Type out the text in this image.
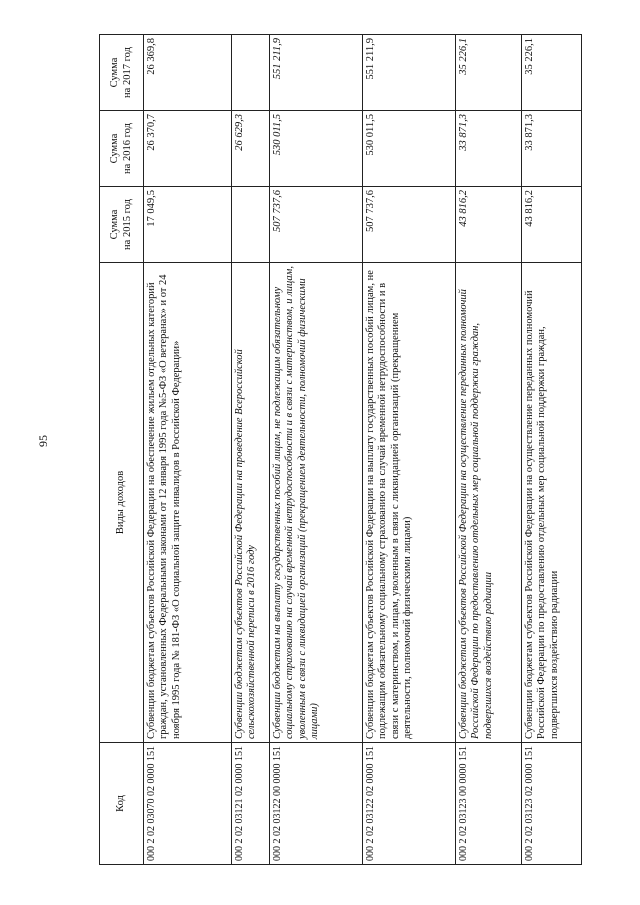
95
Код	Виды доходов	Сумма на 2015 год	Сумма на 2016 год	Сумма на 2017 год

000 2 02 03070 02 0000 151	Субвенции бюджетам субъектов Российской Федерации на обеспечение жильем отдельных категорий граждан, установленных Федеральными законами от 12 января 1995 года №5-ФЗ «О ветеранах» и от 24 ноября 1995 года № 181-ФЗ «О социальной защите инвалидов в Российской Федерации»	17 049,5	26 370,7	26 369,8
000 2 02 03121 02 0000 151	Субвенции бюджетам субъектов Российской Федерации на проведение Всероссийской сельскохозяйственной переписи в 2016 году		26 629,3	
000 2 02 03122 00 0000 151	Субвенции бюджетам на выплату государственных пособий лицам, не подлежащим обязательному социальному страхованию на случай временной нетрудоспособности и в связи с материнством, и лицам, уволенным в связи с ликвидацией организаций (прекращением деятельности, полномочий физическими лицами)	507 737,6	530 011,5	551 211,9
000 2 02 03122 02 0000 151	Субвенции бюджетам субъектов Российской Федерации на выплату государственных пособий лицам, не подлежащим обязательному социальному страхованию на случай временной нетрудоспособности и в связи с материнством, и лицам, уволенным в связи с ликвидацией организаций (прекращением деятельности, полномочий физическими лицами)	507 737,6	530 011,5	551 211,9
000 2 02 03123 00 0000 151	Субвенции бюджетам субъектов Российской Федерации на осуществление переданных полномочий Российской Федерации по предоставлению отдельных мер социальной поддержки граждан, подвергшихся воздействию радиации	43 816,2	33 871,3	35 226,1
000 2 02 03123 02 0000 151	Субвенции бюджетам субъектов Российской Федерации на осуществление переданных полномочий Российской Федерации по предоставлению отдельных мер социальной поддержки граждан, подвергшихся воздействию радиации	43 816,2	33 871,3	35 226,1
